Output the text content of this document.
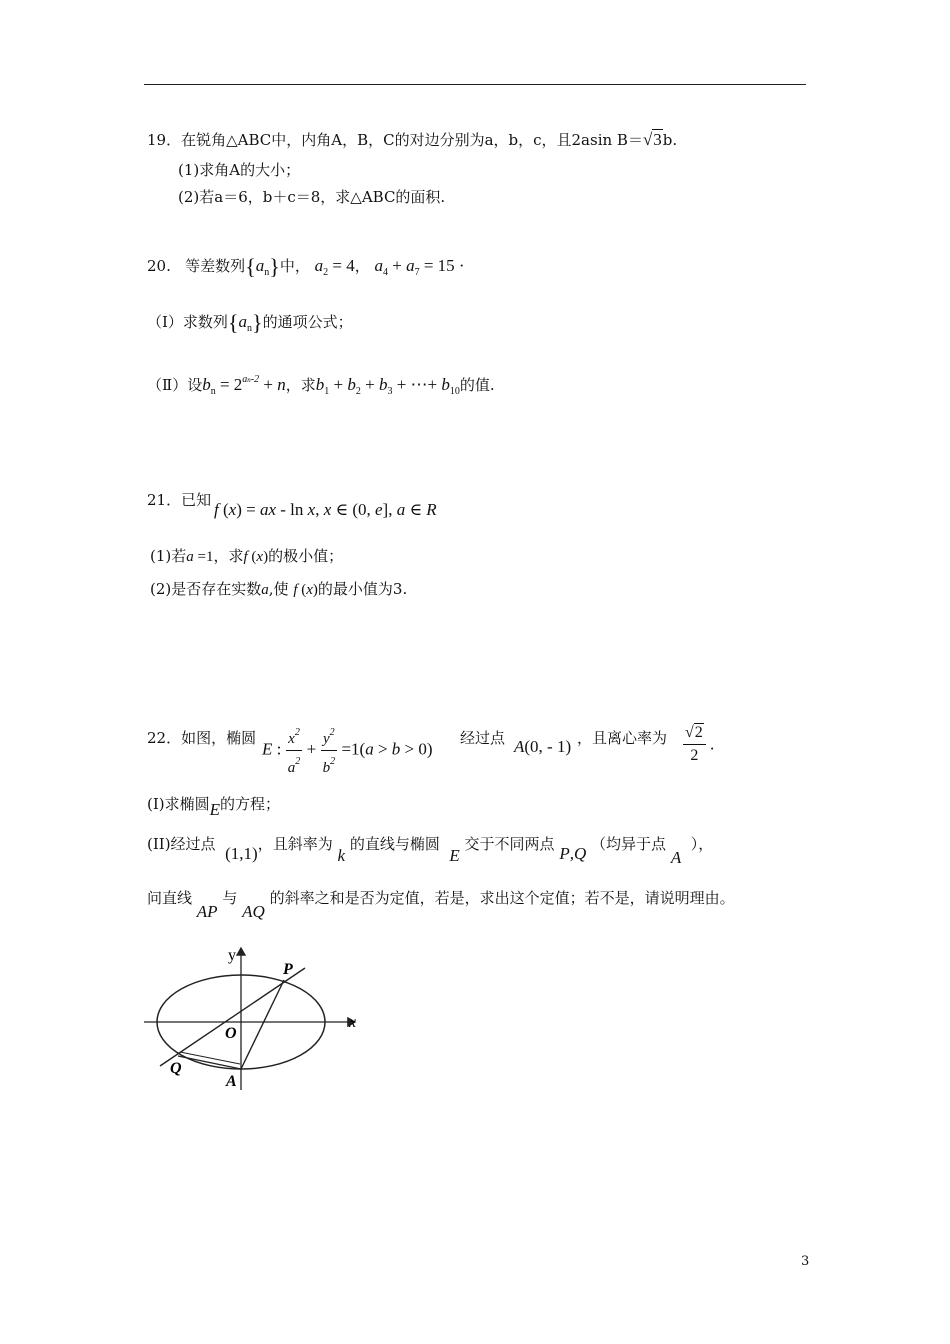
19．在锐角△ABC中，内角A，B，C的对边分别为a，b，c，且2asin B＝√3b.
(1)求角A的大小；
(2)若a＝6，b＋c＝8，求△ABC的面积.
20. 等差数列$\{a_n\}$中， $a_2 = 4$， $a_4 + a_7 = 15$ ·
（Ⅰ）求数列$\{a_n\}$的通项公式；
（Ⅱ）设$b_n = 2^{an-2} + n$，求$b_1 + b_2 + b_3$ + ⋯+ $b_{10}$的值.
21．已知 f (x) = ax - ln x, x ∈ (0, e], a ∈ R
(1)若a =1，求f (x)的极小值；
(2)是否存在实数a,使 f (x)的最小值为3.
22．如图，椭圆
E : $\frac{x^2}{a^2} + \frac{y^2}{b^2} =1(a > b > 0)$
经过点 A(0, - 1) ，且离心率为 $\frac{√2}{2}$ .
(I)求椭圆E的方程；
(II)经过点 (1,1)，且斜率为 k 的直线与椭圆  E 交于不同两点 P,Q （均异于点 A  ），
问直线 AP 与 AQ 的斜率之和是否为定值，若是，求出这个定值；若不是，请说明理由。
y
x
P
O
Q
A
3
